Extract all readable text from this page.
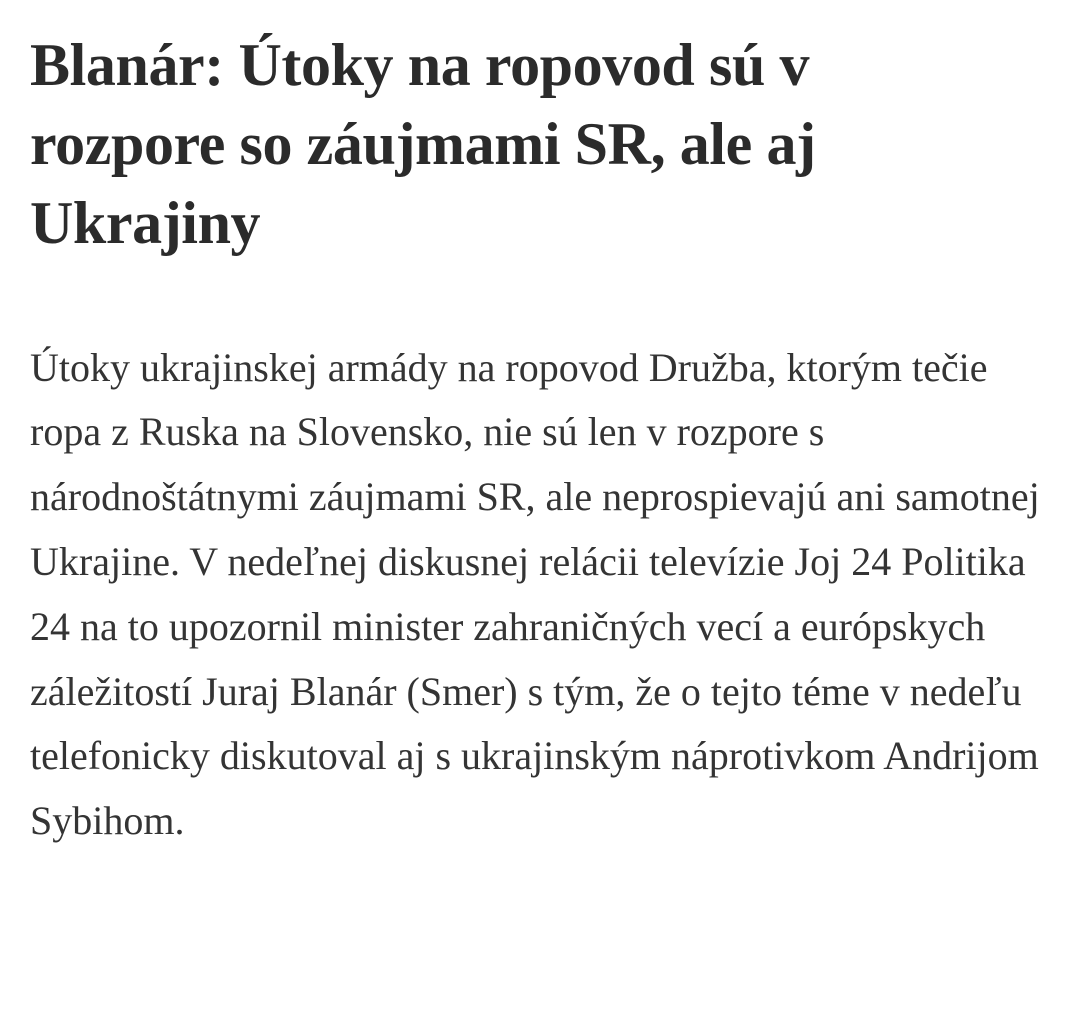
Blanár: Útoky na ropovod sú v rozpore so záujmami SR, ale aj Ukrajiny

Útoky ukrajinskej armády na ropovod Družba, ktorým tečie ropa z Ruska na Slovensko, nie sú len v rozpore s národnoštátnymi záujmami SR, ale neprospievajú ani samotnej Ukrajine. V nedeľnej diskusnej relácii televízie Joj 24 Politika 24 na to upozornil minister zahraničných vecí a európskych záležitostí Juraj Blanár (Smer) s tým, že o tejto téme v nedeľu telefonicky diskutoval aj s ukrajinským náprotivkom Andrijom Sybihom.
